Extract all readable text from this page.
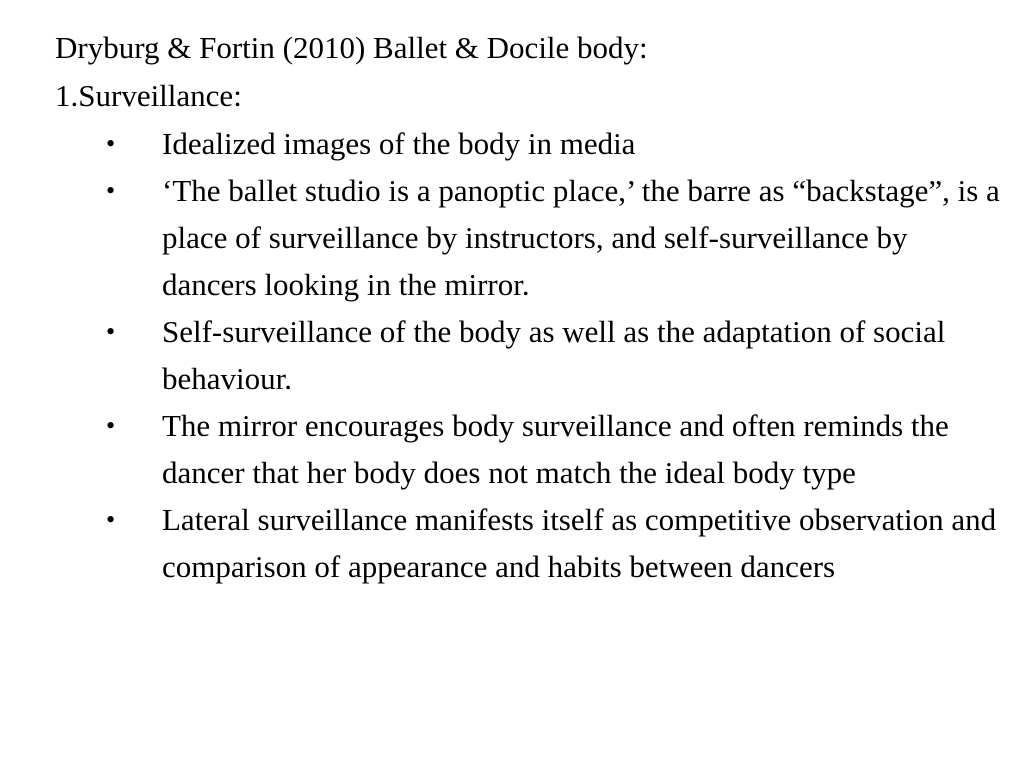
Dryburg & Fortin (2010) Ballet & Docile body:
1.Surveillance:
• Idealized images of the body in media
• ‘The ballet studio is a panoptic place,’ the barre as “backstage”, is a place of surveillance by instructors, and self-surveillance by dancers looking in the mirror.
• Self-surveillance of the body as well as the adaptation of social behaviour.
• The mirror encourages body surveillance and often reminds the dancer that her body does not match the ideal body type
• Lateral surveillance manifests itself as competitive observation and comparison of appearance and habits between dancers
